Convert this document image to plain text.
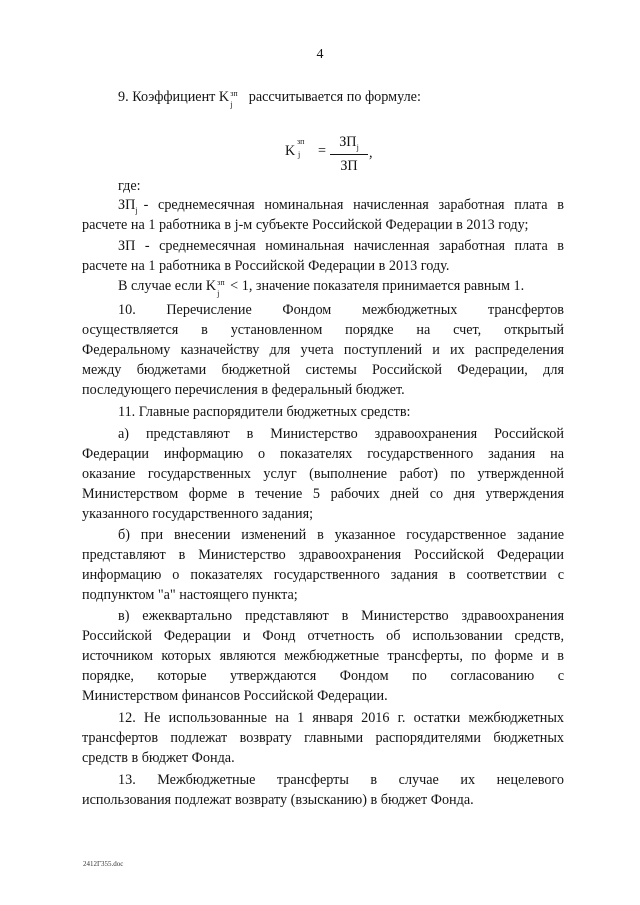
4
9. Коэффициент K зп
j рассчитывается по формуле:
K
зп
j =
$ЗП_j$
ЗП
,
где:
$ЗП_j$ - среднемесячная номинальная начисленная заработная плата в
расчете на 1 работника в j-м субъекте Российской Федерации в 2013 году;
ЗП - среднемесячная номинальная начисленная заработная плата в
расчете на 1 работника в Российской Федерации в 2013 году.
В случае если K зп
j < 1, значение показателя принимается равным 1.
10. Перечисление Фондом межбюджетных трансфертов
осуществляется в установленном порядке на счет, открытый
Федеральному казначейству для учета поступлений и их распределения
между бюджетами бюджетной системы Российской Федерации, для
последующего перечисления в федеральный бюджет.
11. Главные распорядители бюджетных средств:
а) представляют в Министерство здравоохранения Российской
Федерации информацию о показателях государственного задания на
оказание государственных услуг (выполнение работ) по утвержденной
Министерством форме в течение 5 рабочих дней со дня утверждения
указанного государственного задания;
б) при внесении изменений в указанное государственное задание
представляют в Министерство здравоохранения Российской Федерации
информацию о показателях государственного задания в соответствии с
подпунктом "а" настоящего пункта;
в) ежеквартально представляют в Министерство здравоохранения
Российской Федерации и Фонд отчетность об использовании средств,
источником которых являются межбюджетные трансферты, по форме и в
порядке, которые утверждаются Фондом по согласованию с
Министерством финансов Российской Федерации.
12. Не использованные на 1 января 2016 г. остатки межбюджетных
трансфертов подлежат возврату главными распорядителями бюджетных
средств в бюджет Фонда.
13. Межбюджетные трансферты в случае их нецелевого
использования подлежат возврату (взысканию) в бюджет Фонда.
2412Г355.doc
